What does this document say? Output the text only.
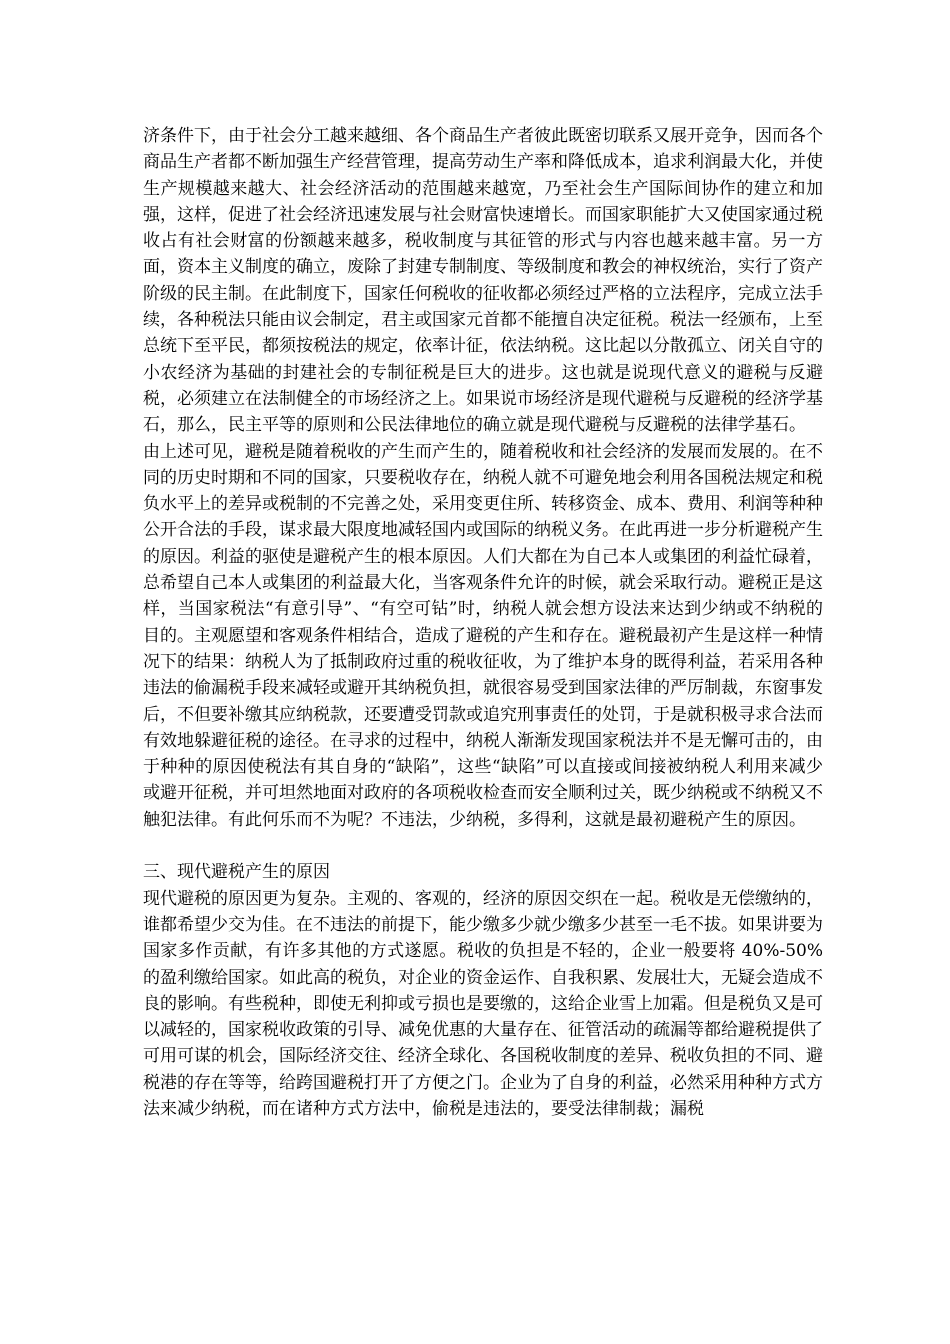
济条件下，由于社会分工越来越细、各个商品生产者彼此既密切联系又展开竞争，因而各个商品生产者都不断加强生产经营管理，提高劳动生产率和降低成本，追求利润最大化，并使生产规模越来越大、社会经济活动的范围越来越宽，乃至社会生产国际间协作的建立和加强，这样，促进了社会经济迅速发展与社会财富快速增长。而国家职能扩大又使国家通过税收占有社会财富的份额越来越多，税收制度与其征管的形式与内容也越来越丰富。另一方面，资本主义制度的确立，废除了封建专制制度、等级制度和教会的神权统治，实行了资产阶级的民主制。在此制度下，国家任何税收的征收都必须经过严格的立法程序，完成立法手续，各种税法只能由议会制定，君主或国家元首都不能擅自决定征税。税法一经颁布，上至总统下至平民，都须按税法的规定，依率计征，依法纳税。这比起以分散孤立、闭关自守的小农经济为基础的封建社会的专制征税是巨大的进步。这也就是说现代意义的避税与反避税，必须建立在法制健全的市场经济之上。如果说市场经济是现代避税与反避税的经济学基石，那么，民主平等的原则和公民法律地位的确立就是现代避税与反避税的法律学基石。

由上述可见，避税是随着税收的产生而产生的，随着税收和社会经济的发展而发展的。在不同的历史时期和不同的国家，只要税收存在，纳税人就不可避免地会利用各国税法规定和税负水平上的差异或税制的不完善之处，采用变更住所、转移资金、成本、费用、利润等种种公开合法的手段，谋求最大限度地减轻国内或国际的纳税义务。在此再进一步分析避税产生的原因。利益的驱使是避税产生的根本原因。人们大都在为自己本人或集团的利益忙碌着，总希望自己本人或集团的利益最大化，当客观条件允许的时候，就会采取行动。避税正是这样，当国家税法“有意引导”、“有空可钻”时，纳税人就会想方设法来达到少纳或不纳税的目的。主观愿望和客观条件相结合，造成了避税的产生和存在。避税最初产生是这样一种情况下的结果：纳税人为了抵制政府过重的税收征收，为了维护本身的既得利益，若采用各种违法的偷漏税手段来减轻或避开其纳税负担，就很容易受到国家法律的严厉制裁，东窗事发后，不但要补缴其应纳税款，还要遭受罚款或追究刑事责任的处罚，于是就积极寻求合法而有效地躲避征税的途径。在寻求的过程中，纳税人渐渐发现国家税法并不是无懈可击的，由于种种的原因使税法有其自身的“缺陷”，这些“缺陷”可以直接或间接被纳税人利用来减少或避开征税，并可坦然地面对政府的各项税收检查而安全顺利过关，既少纳税或不纳税又不触犯法律。有此何乐而不为呢？不违法，少纳税，多得利，这就是最初避税产生的原因。

三、现代避税产生的原因

现代避税的原因更为复杂。主观的、客观的，经济的原因交织在一起。税收是无偿缴纳的，谁都希望少交为佳。在不违法的前提下，能少缴多少就少缴多少甚至一毛不拔。如果讲要为国家多作贡献，有许多其他的方式遂愿。税收的负担是不轻的，企业一般要将 40%-50%的盈利缴给国家。如此高的税负，对企业的资金运作、自我积累、发展壮大，无疑会造成不良的影响。有些税种，即使无利抑或亏损也是要缴的，这给企业雪上加霜。但是税负又是可以减轻的，国家税收政策的引导、减免优惠的大量存在、征管活动的疏漏等都给避税提供了可用可谋的机会，国际经济交往、经济全球化、各国税收制度的差异、税收负担的不同、避税港的存在等等，给跨国避税打开了方便之门。企业为了自身的利益，必然采用种种方式方法来减少纳税，而在诸种方式方法中，偷税是违法的，要受法律制裁；漏税
